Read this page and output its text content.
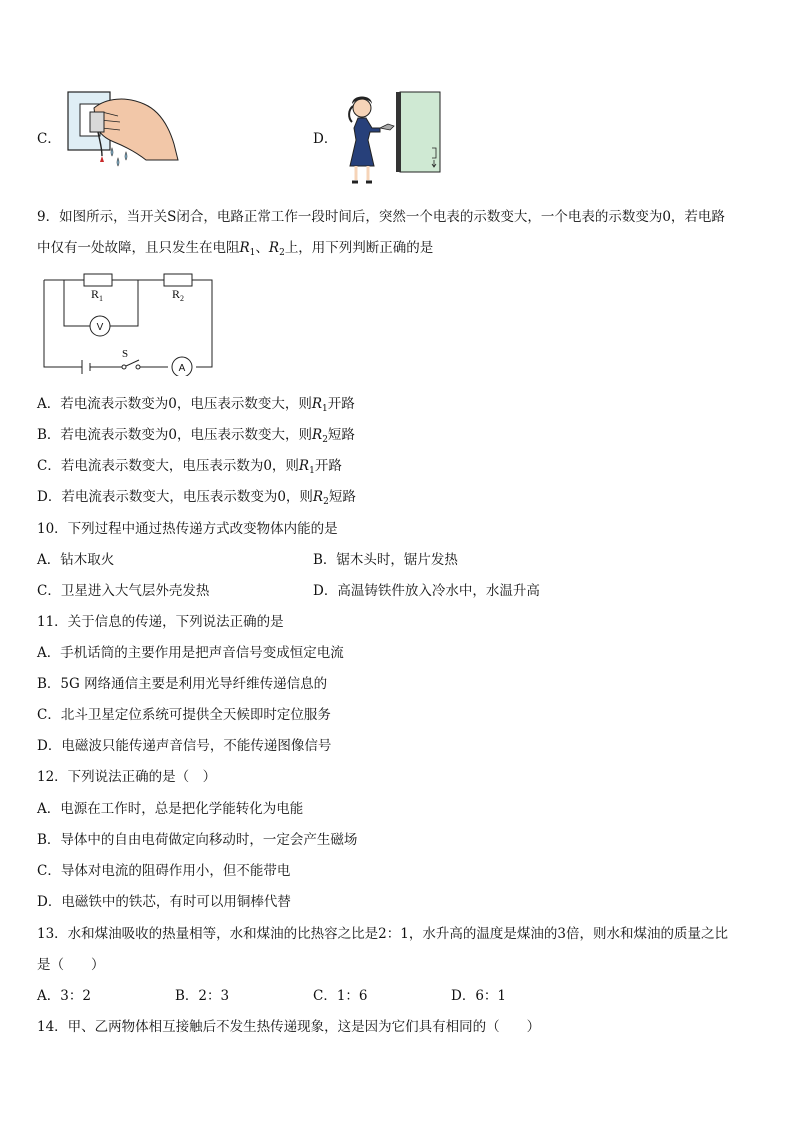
C．	D．
9．如图所示，当开关S闭合，电路正常工作一段时间后，突然一个电表的示数变大，一个电表的示数变为0，若电路
中仅有一处故障，且只发生在电阻$R_1$、$R_2$上，用下列判断正确的是
$R_1$	$R_2$
V
A
S
A．若电流表示数变为0，电压表示数变大，则$R_1$开路
B．若电流表示数变为0，电压表示数变大，则$R_2$短路
C．若电流表示数变大，电压表示数为0，则$R_1$开路
D．若电流表示数变大，电压表示数变为0，则$R_2$短路
10．下列过程中通过热传递方式改变物体内能的是
A．钻木取火	B．锯木头时，锯片发热
C．卫星进入大气层外壳发热	D．高温铸铁件放入冷水中，水温升高
11．关于信息的传递，下列说法正确的是
A．手机话筒的主要作用是把声音信号变成恒定电流
B．5G 网络通信主要是利用光导纤维传递信息的
C．北斗卫星定位系统可提供全天候即时定位服务
D．电磁波只能传递声音信号，不能传递图像信号
12．下列说法正确的是（　）
A．电源在工作时，总是把化学能转化为电能
B．导体中的自由电荷做定向移动时，一定会产生磁场
C．导体对电流的阻碍作用小，但不能带电
D．电磁铁中的铁芯，有时可以用铜棒代替
13．水和煤油吸收的热量相等，水和煤油的比热容之比是2：1，水升高的温度是煤油的3倍，则水和煤油的质量之比
是（　　）
A．3：2	B．2：3	C．1：6	D．6：1
14．甲、乙两物体相互接触后不发生热传递现象，这是因为它们具有相同的（　　）
